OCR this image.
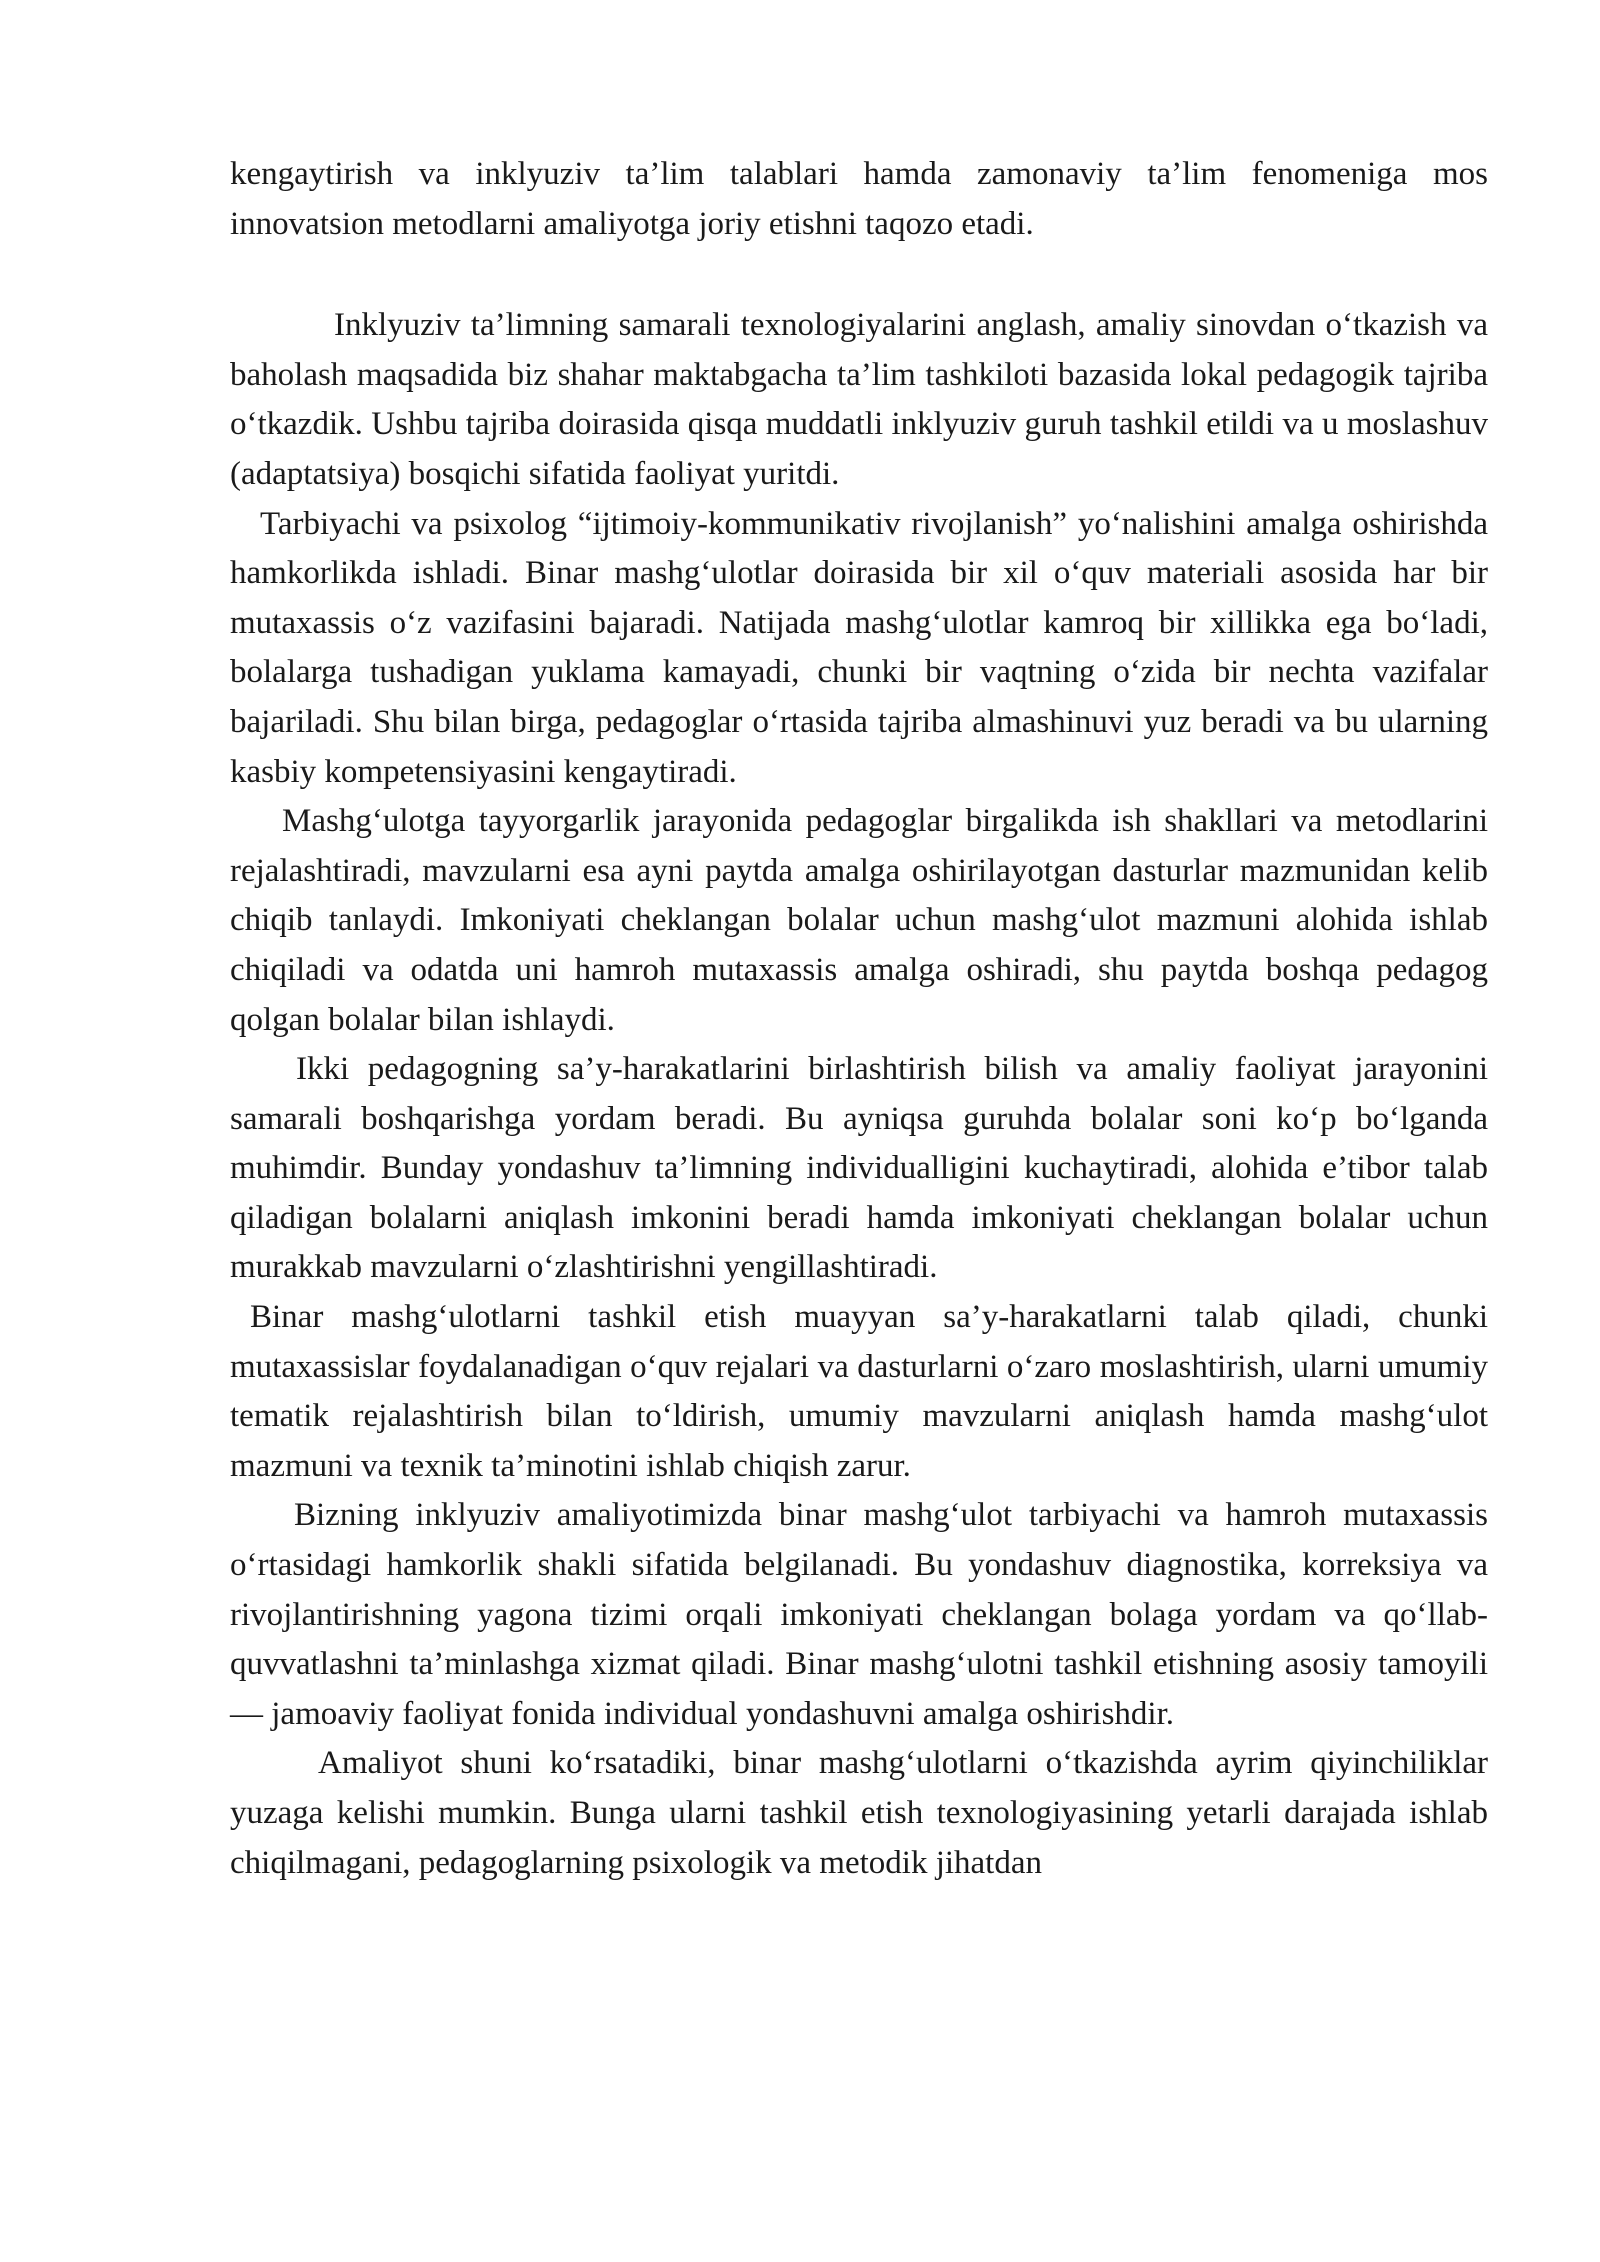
kengaytirish va inklyuziv ta’lim talablari hamda zamonaviy ta’lim fenomeniga mos innovatsion metodlarni amaliyotga joriy etishni taqozo etadi.

Inklyuziv ta’limning samarali texnologiyalarini anglash, amaliy sinovdan o‘tkazish va baholash maqsadida biz shahar maktabgacha ta’lim tashkiloti bazasida lokal pedagogik tajriba o‘tkazdik. Ushbu tajriba doirasida qisqa muddatli inklyuziv guruh tashkil etildi va u moslashuv (adaptatsiya) bosqichi sifatida faoliyat yuritdi.

Tarbiyachi va psixolog “ijtimoiy-kommunikativ rivojlanish” yo‘nalishini amalga oshirishda hamkorlikda ishladi. Binar mashg‘ulotlar doirasida bir xil o‘quv materiali asosida har bir mutaxassis o‘z vazifasini bajaradi. Natijada mashg‘ulotlar kamroq bir xillikka ega bo‘ladi, bolalarga tushadigan yuklama kamayadi, chunki bir vaqtning o‘zida bir nechta vazifalar bajariladi. Shu bilan birga, pedagoglar o‘rtasida tajriba almashinuvi yuz beradi va bu ularning kasbiy kompetensiyasini kengaytiradi.

Mashg‘ulotga tayyorgarlik jarayonida pedagoglar birgalikda ish shakllari va metodlarini rejalashtiradi, mavzularni esa ayni paytda amalga oshirilayotgan dasturlar mazmunidan kelib chiqib tanlaydi. Imkoniyati cheklangan bolalar uchun mashg‘ulot mazmuni alohida ishlab chiqiladi va odatda uni hamroh mutaxassis amalga oshiradi, shu paytda boshqa pedagog qolgan bolalar bilan ishlaydi.

Ikki pedagogning sa’y-harakatlarini birlashtirish bilish va amaliy faoliyat jarayonini samarali boshqarishga yordam beradi. Bu ayniqsa guruhda bolalar soni ko‘p bo‘lganda muhimdir. Bunday yondashuv ta’limning individualligini kuchaytiradi, alohida e’tibor talab qiladigan bolalarni aniqlash imkonini beradi hamda imkoniyati cheklangan bolalar uchun murakkab mavzularni o‘zlashtirishni yengillashtiradi.

Binar mashg‘ulotlarni tashkil etish muayyan sa’y-harakatlarni talab qiladi, chunki mutaxassislar foydalanadigan o‘quv rejalari va dasturlarni o‘zaro moslashtirish, ularni umumiy tematik rejalashtirish bilan to‘ldirish, umumiy mavzularni aniqlash hamda mashg‘ulot mazmuni va texnik ta’minotini ishlab chiqish zarur.

Bizning inklyuziv amaliyotimizda binar mashg‘ulot tarbiyachi va hamroh mutaxassis o‘rtasidagi hamkorlik shakli sifatida belgilanadi. Bu yondashuv diagnostika, korreksiya va rivojlantirishning yagona tizimi orqali imkoniyati cheklangan bolaga yordam va qo‘llab-quvvatlashni ta’minlashga xizmat qiladi. Binar mashg‘ulotni tashkil etishning asosiy tamoyili — jamoaviy faoliyat fonida individual yondashuvni amalga oshirishdir.

Amaliyot shuni ko‘rsatadiki, binar mashg‘ulotlarni o‘tkazishda ayrim qiyinchiliklar yuzaga kelishi mumkin. Bunga ularni tashkil etish texnologiyasining yetarli darajada ishlab chiqilmagani, pedagoglarning psixologik va metodik jihatdan
